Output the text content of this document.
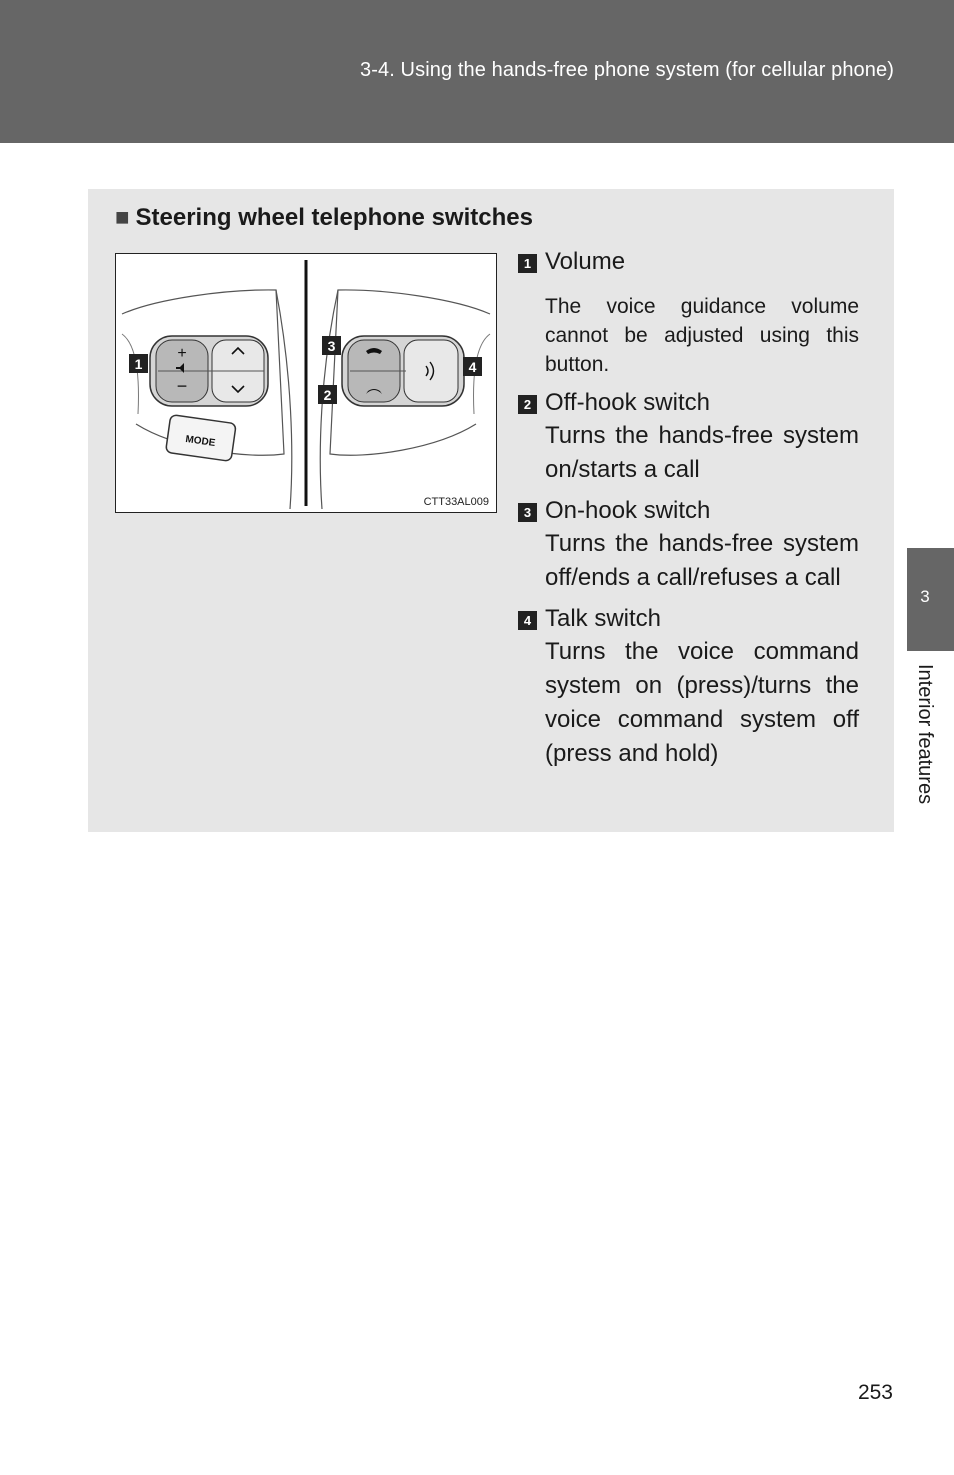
3-4. Using the hands-free phone system (for cellular phone)
■ Steering wheel telephone switches
+
−
MODE
1
2
3
4
CTT33AL009
1 Volume
The voice guidance volume cannot be adjusted using this button.
2 Off-hook switch
Turns the hands-free system on/starts a call
3 On-hook switch
Turns the hands-free system off/ends a call/refuses a call
4 Talk switch
Turns the voice command system on (press)/turns the voice command system off (press and hold)
3
Interior features
253
